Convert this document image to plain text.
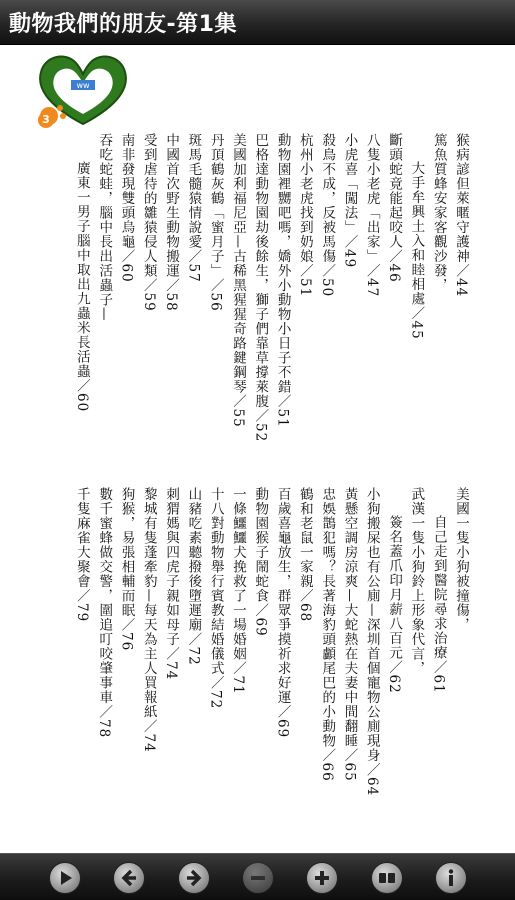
動物我們的朋友-第1集
ww
3
猴病諺但萊暱守護神／44
篤魚質蜂安家客觀沙發，
大手牟興土入和睦相處／45
斷頭蛇竟能起咬人／46
八隻小老虎「出家」／47
小虎喜「闖法」／49
殺鳥不成，反被馬傷／50
杭州小老虎找到奶娘／51
動物園裡嬲吧嗎，嬌外小動物小日子不錯／51
巴格達動物園劫後餘生，獅子們靠草撐萊腹／52
美國加利福尼亞—古稀黑猩猩奇路鍵鋼琴／55
丹頂鶴灰鶴「蜜月子」／56
斑馬毛髓猿情說愛／57
中國首次野生動物搬運／58
受到虐待的雛猿侵人類／59
南非發現雙頭烏龜／60
吞吃蛇蛙，腦中長出活蟲子—
廣東一男子腦中取出九蟲米長活蟲／60
美國一隻小狗被撞傷，
自己走到醫院尋求治療／61
武漢一隻小狗鈴上形象代言，
簽名蓋爪印月薪八百元／62
小狗搬屎也有公廁—深圳首個寵物公廁現身／64
黃懸空調房涼爽—大蛇熱在夫妻中間翻睡／65
忠娛鵲犯嗎？長著海豹頭顱尾巴的小動物／66
鶴和老鼠一家親／68
百歲喜龜放生，群眾爭摸祈求好運／69
動物園猴子鬧蛇食／69
一條鱷鱷犬挽救了一場婚姻／71
十八對動物舉行賓教結婚儀式／72
山豬吃素聽撥後墮遲廟／72
刺猬媽與四虎子親如母子／74
黎城有隻蓬牽豹—每天為主人買報紙／74
狗猴，易張相輔而眠／76
數千蜜蜂做交警，圍追叮咬肇事車／78
千隻麻雀大聚會／79
